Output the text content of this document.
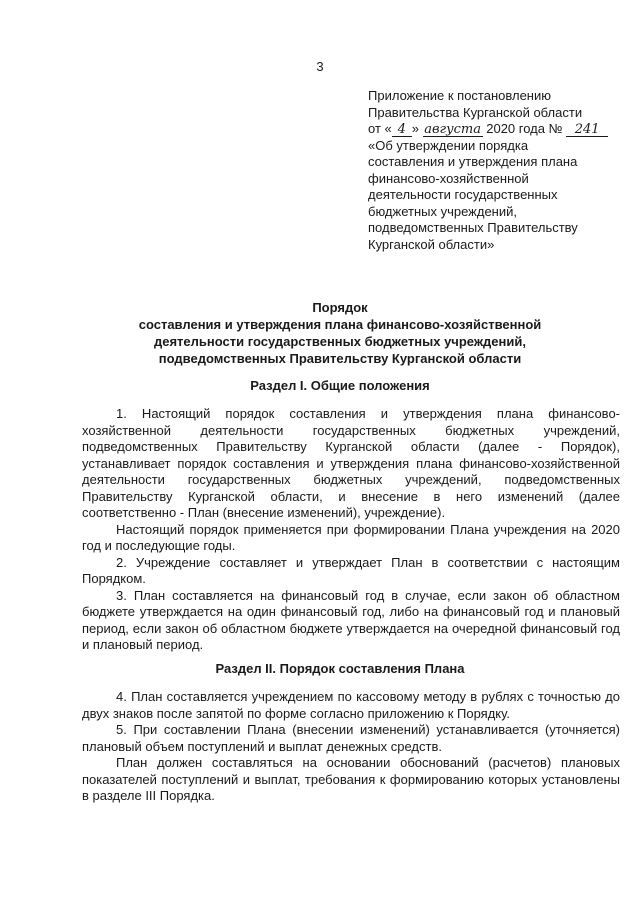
3
Приложение к постановлению
Правительства Курганской области
от « 4 » августа 2020 года № 241
«Об утверждении порядка
составления и утверждения плана
финансово-хозяйственной
деятельности государственных
бюджетных учреждений,
подведомственных Правительству
Курганской области»
Порядок
составления и утверждения плана финансово-хозяйственной
деятельности государственных бюджетных учреждений,
подведомственных Правительству Курганской области
Раздел I. Общие положения

1. Настоящий порядок составления и утверждения плана финансово-хозяйственной деятельности государственных бюджетных учреждений, подведомственных Правительству Курганской области (далее - Порядок), устанавливает порядок составления и утверждения плана финансово-хозяйственной деятельности государственных бюджетных учреждений, подведомственных Правительству Курганской области, и внесение в него изменений (далее соответственно - План (внесение изменений), учреждение).

Настоящий порядок применяется при формировании Плана учреждения на 2020 год и последующие годы.

2. Учреждение составляет и утверждает План в соответствии с настоящим Порядком.

3. План составляется на финансовый год в случае, если закон об областном бюджете утверждается на один финансовый год, либо на финансовый год и плановый период, если закон об областном бюджете утверждается на очередной финансовый год и плановый период.

Раздел II. Порядок составления Плана

4. План составляется учреждением по кассовому методу в рублях с точностью до двух знаков после запятой по форме согласно приложению к Порядку.

5. При составлении Плана (внесении изменений) устанавливается (уточняется) плановый объем поступлений и выплат денежных средств.

План должен составляться на основании обоснований (расчетов) плановых показателей поступлений и выплат, требования к формированию которых установлены в разделе III Порядка.
